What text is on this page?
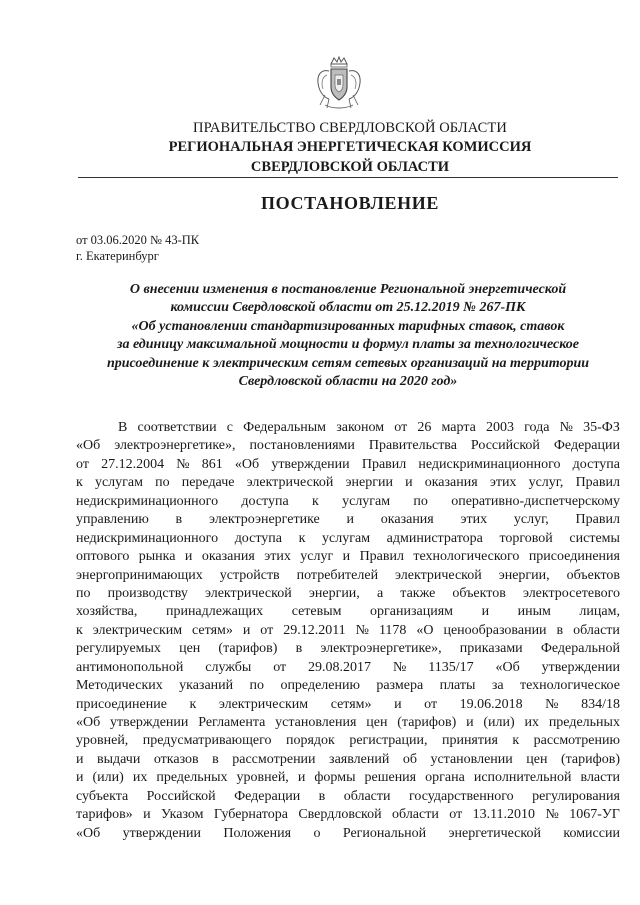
ПРАВИТЕЛЬСТВО СВЕРДЛОВСКОЙ ОБЛАСТИ
РЕГИОНАЛЬНАЯ ЭНЕРГЕТИЧЕСКАЯ КОМИССИЯ
СВЕРДЛОВСКОЙ ОБЛАСТИ
ПОСТАНОВЛЕНИЕ
от 03.06.2020 № 43-ПК
г. Екатеринбург
О внесении изменения в постановление Региональной энергетической
комиссии Свердловской области от 25.12.2019 № 267-ПК
«Об установлении стандартизированных тарифных ставок, ставок
за единицу максимальной мощности и формул платы за технологическое
присоединение к электрическим сетям сетевых организаций на территории
Свердловской области на 2020 год»
В соответствии с Федеральным законом от 26 марта 2003 года № 35-ФЗ
«Об электроэнергетике», постановлениями Правительства Российской Федерации
от 27.12.2004 № 861 «Об утверждении Правил недискриминационного доступа
к услугам по передаче электрической энергии и оказания этих услуг, Правил
недискриминационного доступа к услугам по оперативно-диспетчерскому
управлению в электроэнергетике и оказания этих услуг, Правил
недискриминационного доступа к услугам администратора торговой системы
оптового рынка и оказания этих услуг и Правил технологического присоединения
энергопринимающих устройств потребителей электрической энергии, объектов
по производству электрической энергии, а также объектов электросетевого
хозяйства, принадлежащих сетевым организациям и иным лицам,
к электрическим сетям» и от 29.12.2011 № 1178 «О ценообразовании в области
регулируемых цен (тарифов) в электроэнергетике», приказами Федеральной
антимонопольной службы от 29.08.2017 № 1135/17 «Об утверждении
Методических указаний по определению размера платы за технологическое
присоединение к электрическим сетям» и от 19.06.2018 № 834/18
«Об утверждении Регламента установления цен (тарифов) и (или) их предельных
уровней, предусматривающего порядок регистрации, принятия к рассмотрению
и выдачи отказов в рассмотрении заявлений об установлении цен (тарифов)
и (или) их предельных уровней, и формы решения органа исполнительной власти
субъекта Российской Федерации в области государственного регулирования
тарифов» и Указом Губернатора Свердловской области от 13.11.2010 № 1067-УГ
«Об утверждении Положения о Региональной энергетической комиссии
